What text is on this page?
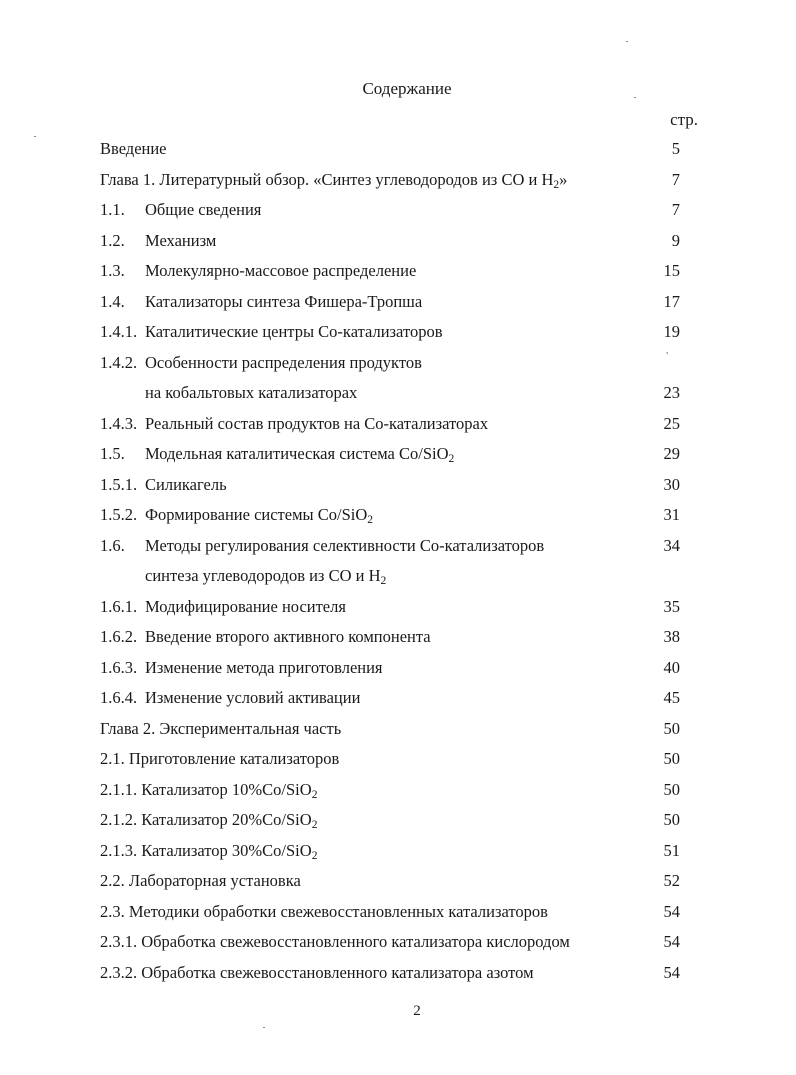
Содержание
стр.
Введение	5
Глава 1. Литературный обзор. «Синтез углеводородов из CO и $H_2$»	7
1.1. Общие сведения	7
1.2. Механизм	9
1.3. Молекулярно-массовое распределение	15
1.4. Катализаторы синтеза Фишера-Тропша	17
1.4.1. Каталитические центры Со-катализаторов	19
1.4.2. Особенности распределения продуктов	'
на кобальтовых катализаторах	23
1.4.3. Реальный состав продуктов на Со-катализаторах	25
1.5. Модельная каталитическая система Co/SiO$_2$	29
1.5.1. Силикагель	30
1.5.2. Формирование системы Co/SiO$_2$	31
1.6. Методы регулирования селективности Со-катализаторов	34
синтеза углеводородов из CO и $H_2$
1.6.1. Модифицирование носителя	35
1.6.2. Введение второго активного компонента	38
1.6.3. Изменение метода приготовления	40
1.6.4. Изменение условий активации	45
Глава 2. Экспериментальная часть	50
2.1. Приготовление катализаторов	50
2.1.1. Катализатор 10%Co/SiO$_2$	50
2.1.2. Катализатор 20%Co/SiO$_2$	50
2.1.3. Катализатор 30%Co/SiO$_2$	51
2.2. Лабораторная установка	52
2.3. Методики обработки свежевосстановленных катализаторов	54
2.3.1. Обработка свежевосстановленного катализатора кислородом	54
2.3.2. Обработка свежевосстановленного катализатора азотом	54
2
